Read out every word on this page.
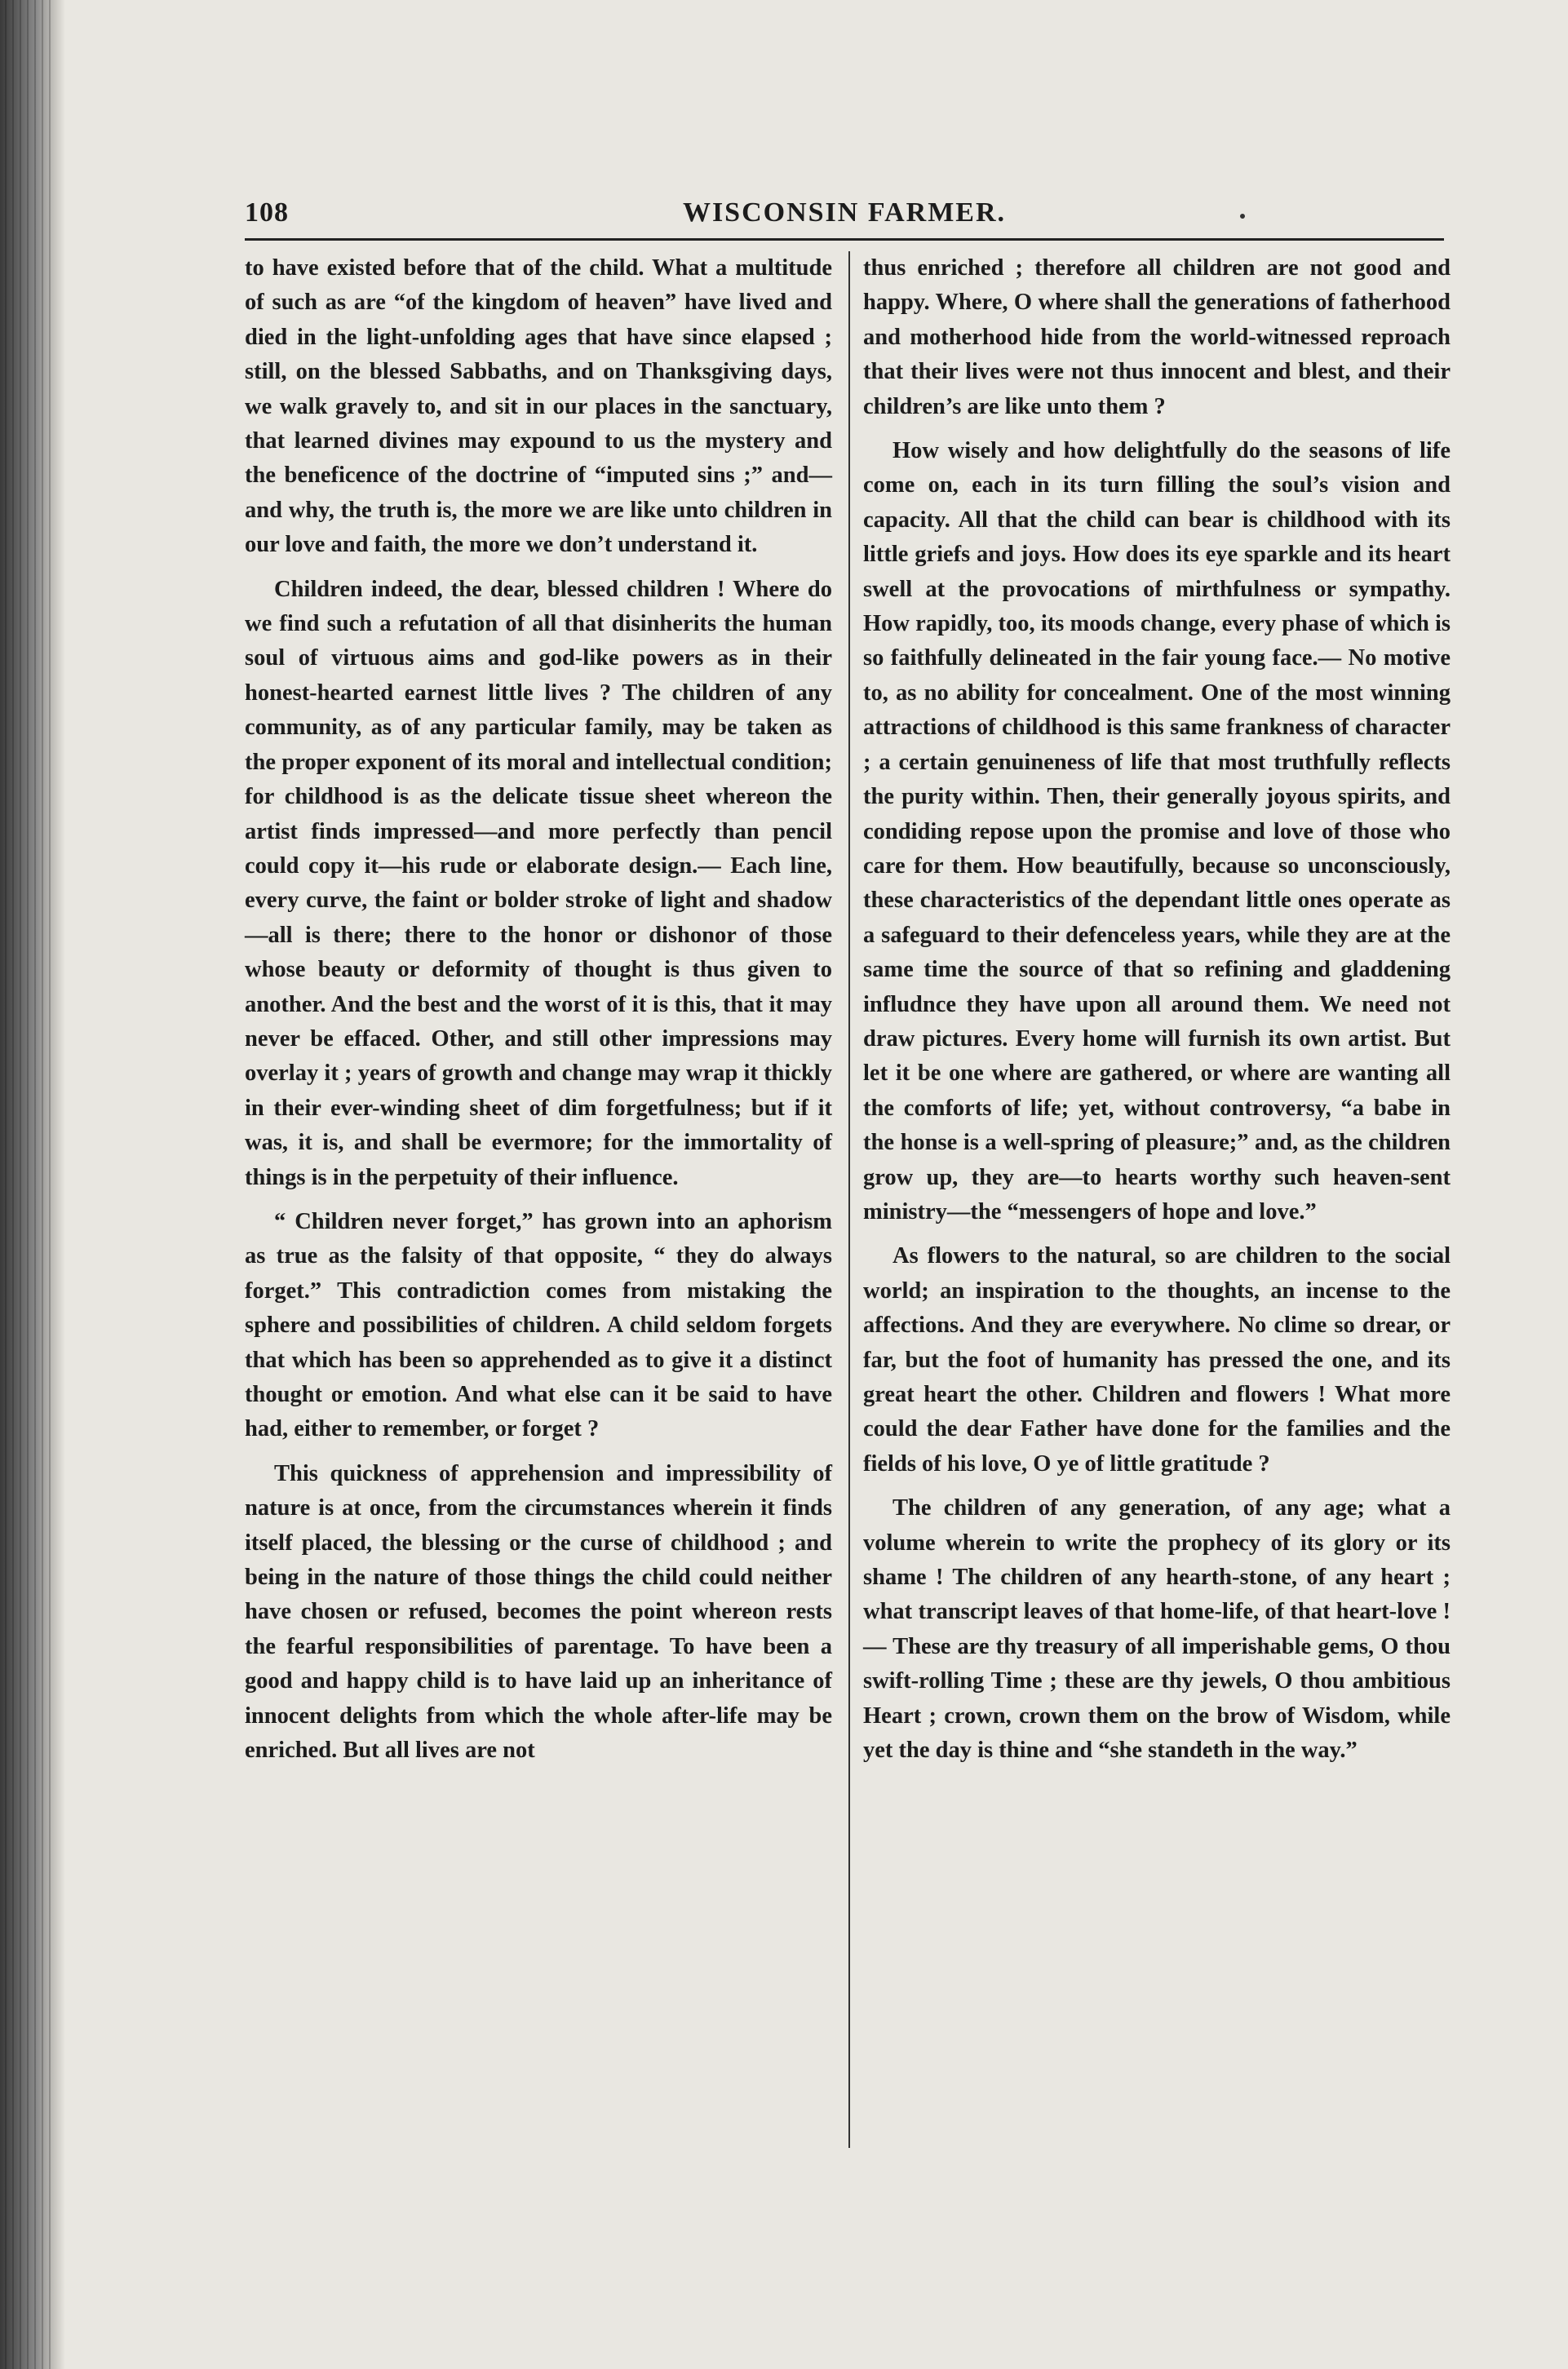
108	WISCONSIN FARMER.

to have existed before that of the child. What a multitude of such as are “of the kingdom of heaven” have lived and died in the light-unfolding ages that have since elapsed ; still, on the blessed Sabbaths, and on Thanksgiving days, we walk gravely to, and sit in our places in the sanctuary, that learned divines may expound to us the mystery and the beneficence of the doctrine of “imputed sins ;” and—and why, the truth is, the more we are like unto children in our love and faith, the more we don’t understand it.

Children indeed, the dear, blessed children ! Where do we find such a refutation of all that disinherits the human soul of virtuous aims and god-like powers as in their honest-hearted earnest little lives ? The children of any community, as of any particular family, may be taken as the proper exponent of its moral and intellectual condition; for childhood is as the delicate tissue sheet whereon the artist finds impressed—and more perfectly than pencil could copy it—his rude or elaborate design.— Each line, every curve, the faint or bolder stroke of light and shadow—all is there; there to the honor or dishonor of those whose beauty or deformity of thought is thus given to another. And the best and the worst of it is this, that it may never be effaced. Other, and still other impressions may overlay it ; years of growth and change may wrap it thickly in their ever-winding sheet of dim forgetfulness; but if it was, it is, and shall be evermore; for the immortality of things is in the perpetuity of their influence.

“ Children never forget,” has grown into an aphorism as true as the falsity of that opposite, “ they do always forget.” This contradiction comes from mistaking the sphere and possibilities of children. A child seldom forgets that which has been so apprehended as to give it a distinct thought or emotion. And what else can it be said to have had, either to remember, or forget ?

This quickness of apprehension and impressibility of nature is at once, from the circumstances wherein it finds itself placed, the blessing or the curse of childhood ; and being in the nature of those things the child could neither have chosen or refused, becomes the point whereon rests the fearful responsibilities of parentage. To have been a good and happy child is to have laid up an inheritance of innocent delights from which the whole after-life may be enriched. But all lives are not

thus enriched ; therefore all children are not good and happy. Where, O where shall the generations of fatherhood and motherhood hide from the world-witnessed reproach that their lives were not thus innocent and blest, and their children’s are like unto them ?

How wisely and how delightfully do the seasons of life come on, each in its turn filling the soul’s vision and capacity. All that the child can bear is childhood with its little griefs and joys. How does its eye sparkle and its heart swell at the provocations of mirthfulness or sympathy. How rapidly, too, its moods change, every phase of which is so faithfully delineated in the fair young face.— No motive to, as no ability for concealment. One of the most winning attractions of childhood is this same frankness of character ; a certain genuineness of life that most truthfully reflects the purity within. Then, their generally joyous spirits, and condiding repose upon the promise and love of those who care for them. How beautifully, because so unconsciously, these characteristics of the dependant little ones operate as a safeguard to their defenceless years, while they are at the same time the source of that so refining and gladdening infludnce they have upon all around them. We need not draw pictures. Every home will furnish its own artist. But let it be one where are gathered, or where are wanting all the comforts of life; yet, without controversy, “a babe in the honse is a well-spring of pleasure;” and, as the children grow up, they are—to hearts worthy such heaven-sent ministry—the “messengers of hope and love.”

As flowers to the natural, so are children to the social world; an inspiration to the thoughts, an incense to the affections. And they are everywhere. No clime so drear, or far, but the foot of humanity has pressed the one, and its great heart the other. Children and flowers ! What more could the dear Father have done for the families and the fields of his love, O ye of little gratitude ?

The children of any generation, of any age; what a volume wherein to write the prophecy of its glory or its shame ! The children of any hearth-stone, of any heart ; what transcript leaves of that home-life, of that heart-love !— These are thy treasury of all imperishable gems, O thou swift-rolling Time ; these are thy jewels, O thou ambitious Heart ; crown, crown them on the brow of Wisdom, while yet the day is thine and “she standeth in the way.”
